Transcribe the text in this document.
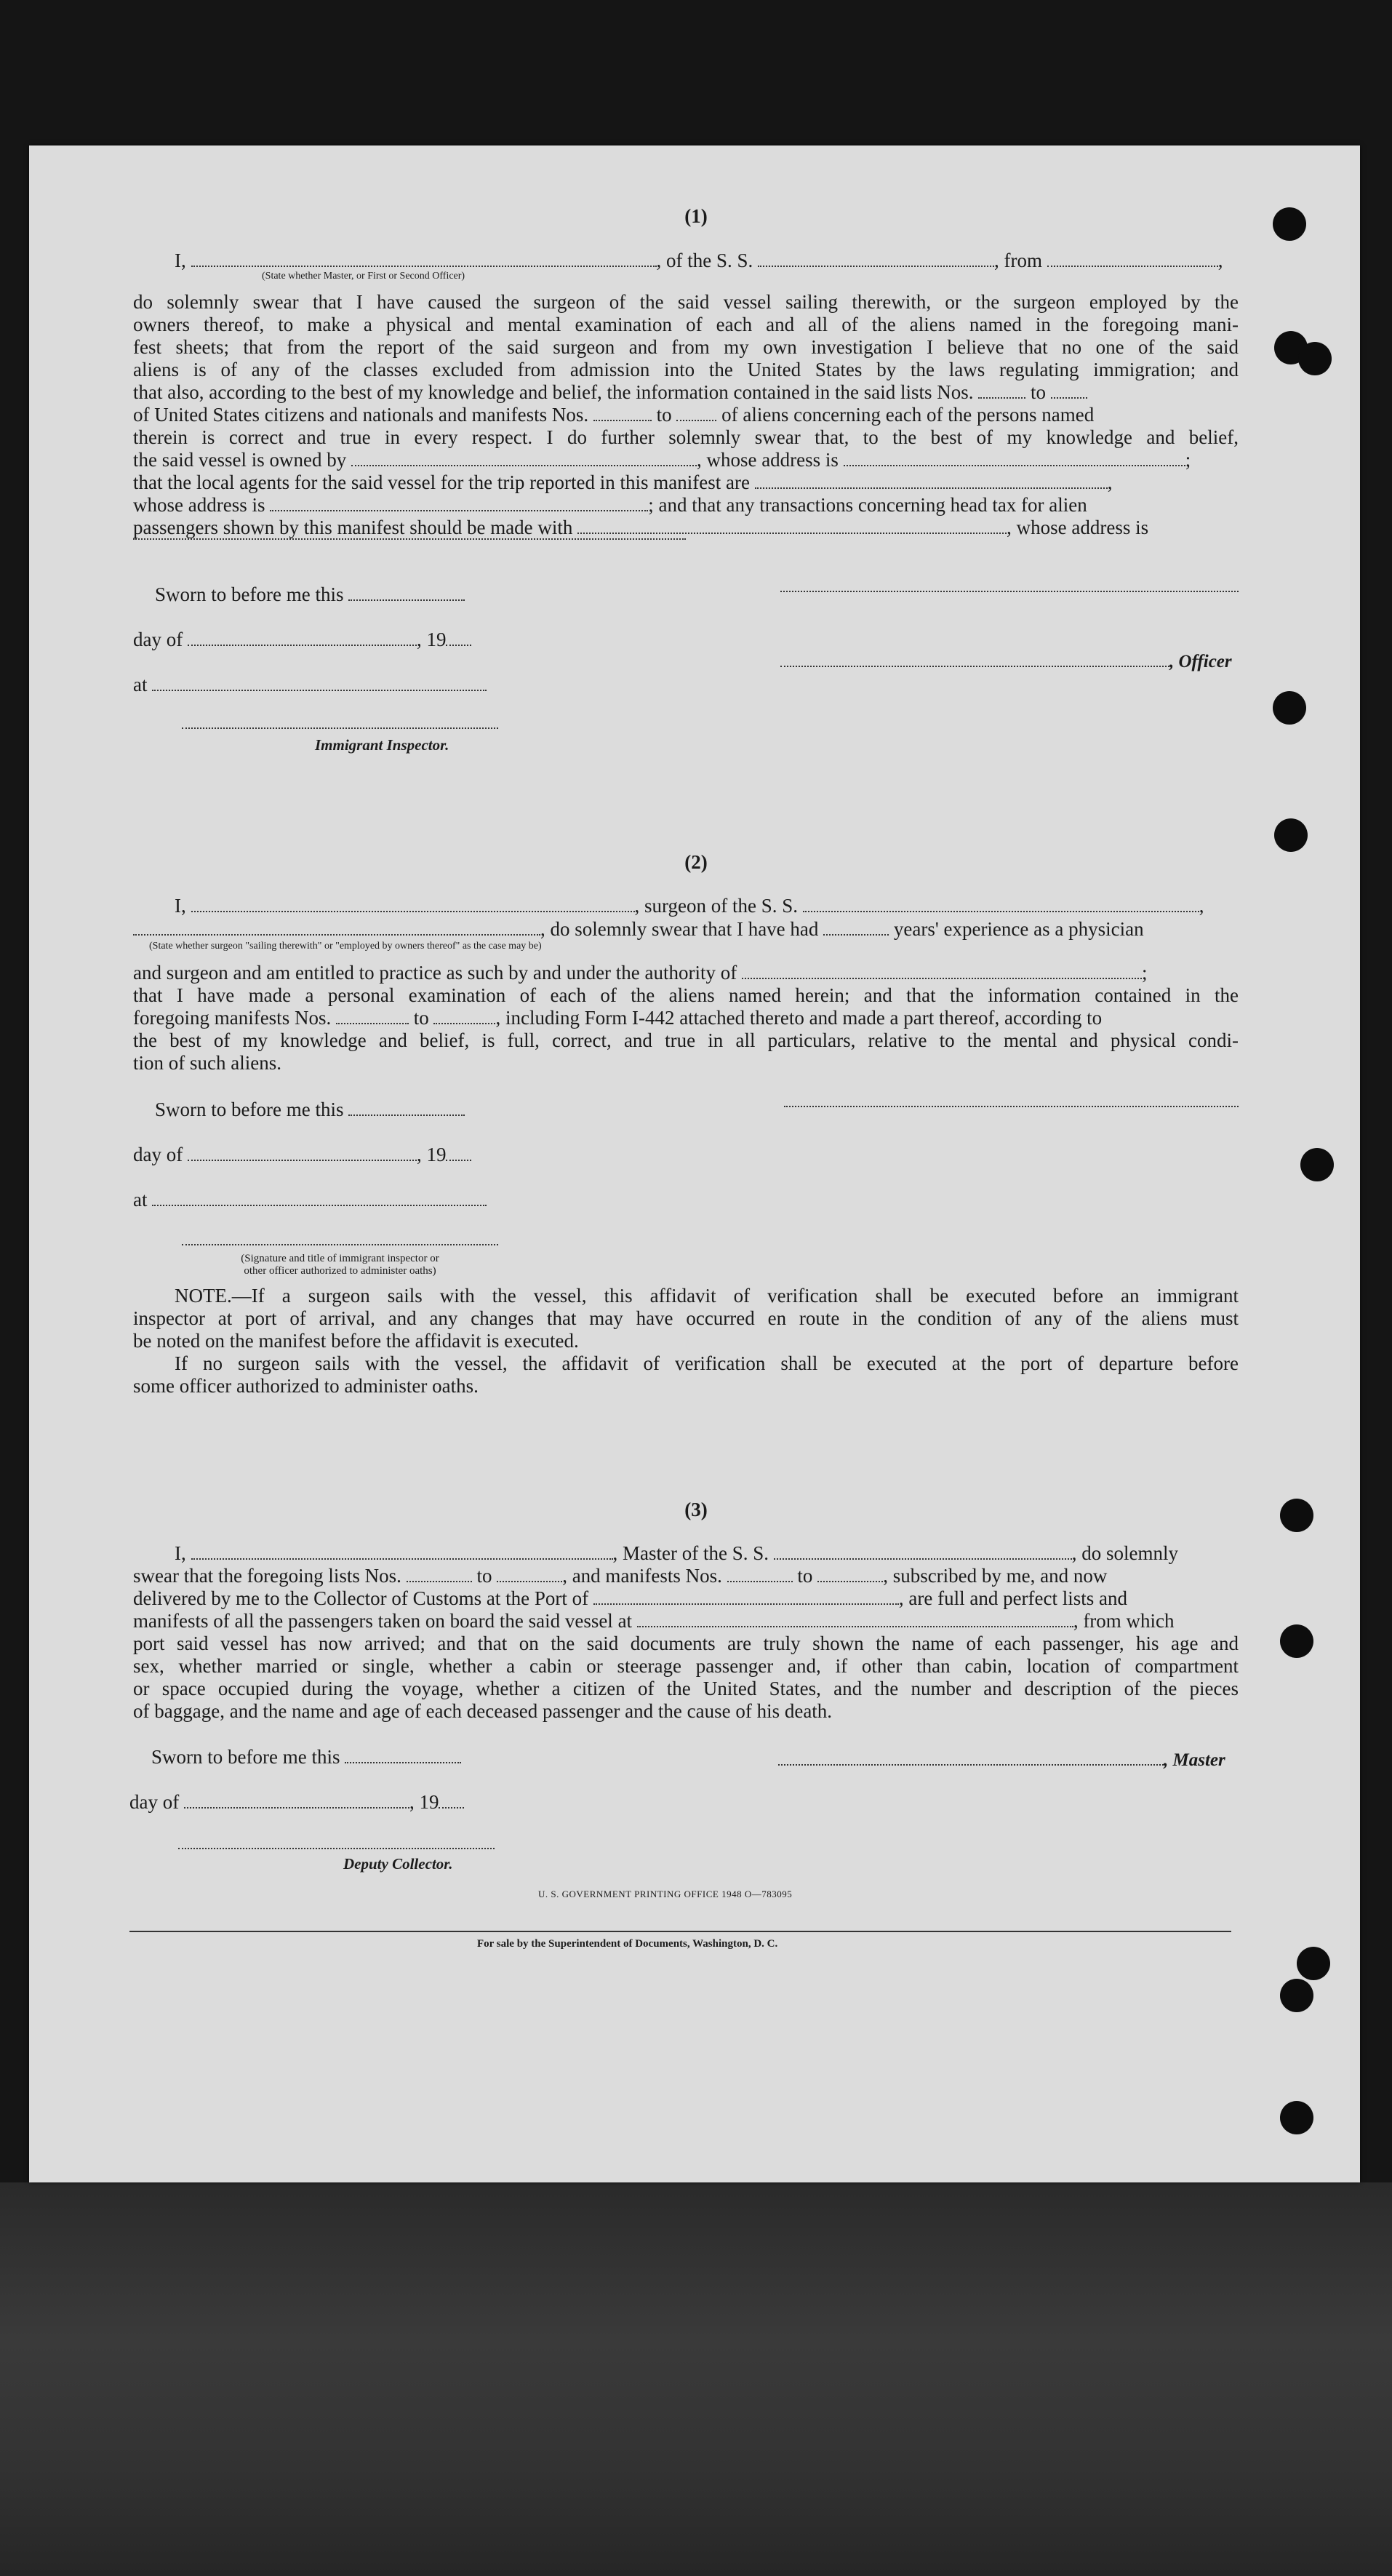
(1)
I,	, of the S. S.	, from	,
(State whether Master, or First or Second Officer)
do solemnly swear that I have caused the surgeon of the said vessel sailing therewith, or the surgeon employed by the
owners thereof, to make a physical and mental examination of each and all of the aliens named in the foregoing mani-
fest sheets; that from the report of the said surgeon and from my own investigation I believe that no one of the said
aliens is of any of the classes excluded from admission into the United States by the laws regulating immigration; and
that also, according to the best of my knowledge and belief, the information contained in the said lists Nos.	to
of United States citizens and nationals and manifests Nos.	to	of aliens concerning each of the persons named
therein is correct and true in every respect. I do further solemnly swear that, to the best of my knowledge and belief,
the said vessel is owned by	, whose address is	;
that the local agents for the said vessel for the trip reported in this manifest are	,
whose address is	; and that any transactions concerning head tax for alien
passengers shown by this manifest should be made with	, whose address is
Sworn to before me this
day of	, 19
, Officer
at
Immigrant Inspector.
(2)
I,	, surgeon of the S. S.	,
, do solemnly swear that I have had	years' experience as a physician
(State whether surgeon "sailing therewith" or "employed by owners thereof" as the case may be)
and surgeon and am entitled to practice as such by and under the authority of	;
that I have made a personal examination of each of the aliens named herein; and that the information contained in the
foregoing manifests Nos.	to	, including Form I-442 attached thereto and made a part thereof, according to
the best of my knowledge and belief, is full, correct, and true in all particulars, relative to the mental and physical condi-
tion of such aliens.
Sworn to before me this
day of	, 19
at
(Signature and title of immigrant inspector or
other officer authorized to administer oaths)
NOTE.—If a surgeon sails with the vessel, this affidavit of verification shall be executed before an immigrant
inspector at port of arrival, and any changes that may have occurred en route in the condition of any of the aliens must
be noted on the manifest before the affidavit is executed.
If no surgeon sails with the vessel, the affidavit of verification shall be executed at the port of departure before
some officer authorized to administer oaths.
(3)
I,	, Master of the S. S.	, do solemnly
swear that the foregoing lists Nos.	to	, and manifests Nos.	to	, subscribed by me, and now
delivered by me to the Collector of Customs at the Port of	, are full and perfect lists and
manifests of all the passengers taken on board the said vessel at	, from which
port said vessel has now arrived; and that on the said documents are truly shown the name of each passenger, his age and
sex, whether married or single, whether a cabin or steerage passenger and, if other than cabin, location of compartment
or space occupied during the voyage, whether a citizen of the United States, and the number and description of the pieces
of baggage, and the name and age of each deceased passenger and the cause of his death.
Sworn to before me this	, Master
day of	, 19
Deputy Collector.
U. S. GOVERNMENT PRINTING OFFICE 1948 O—783095
For sale by the Superintendent of Documents, Washington, D. C.
